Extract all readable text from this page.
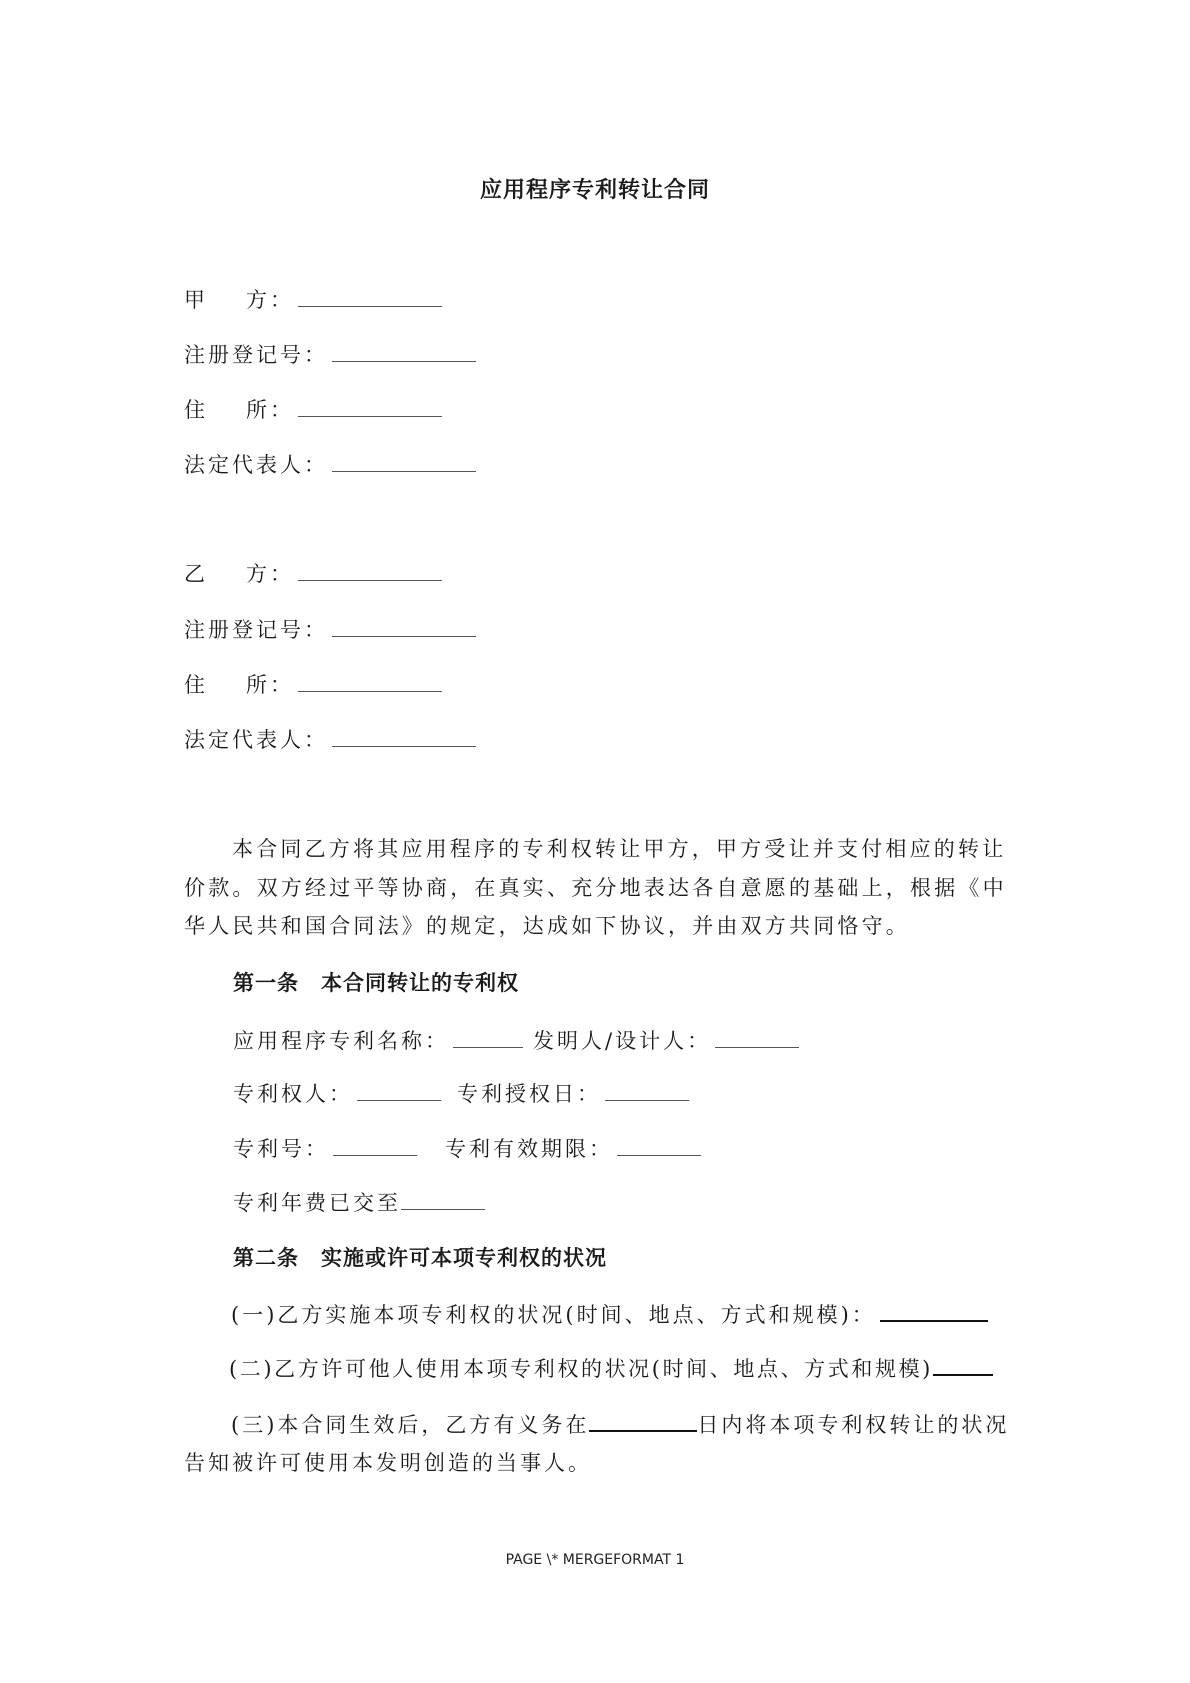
应用程序专利转让合同
甲 方：
注册登记号：
住 所：
法定代表人：
乙 方：
注册登记号：
住 所：
法定代表人：
本合同乙方将其应用程序的专利权转让甲方，甲方受让并支付相应的转让价款。双方经过平等协商，在真实、充分地表达各自意愿的基础上，根据《中华人民共和国合同法》的规定，达成如下协议，并由双方共同恪守。
第一条　本合同转让的专利权
应用程序专利名称：	发明人/设计人：
专利权人：	专利授权日：
专利号：	专利有效期限：
专利年费已交至
第二条　实施或许可本项专利权的状况
(一)乙方实施本项专利权的状况(时间、地点、方式和规模)：
(二)乙方许可他人使用本项专利权的状况(时间、地点、方式和规模)
(三)本合同生效后，乙方有义务在	日内将本项专利权转让的状况
告知被许可使用本发明创造的当事人。
PAGE \* MERGEFORMAT 1
